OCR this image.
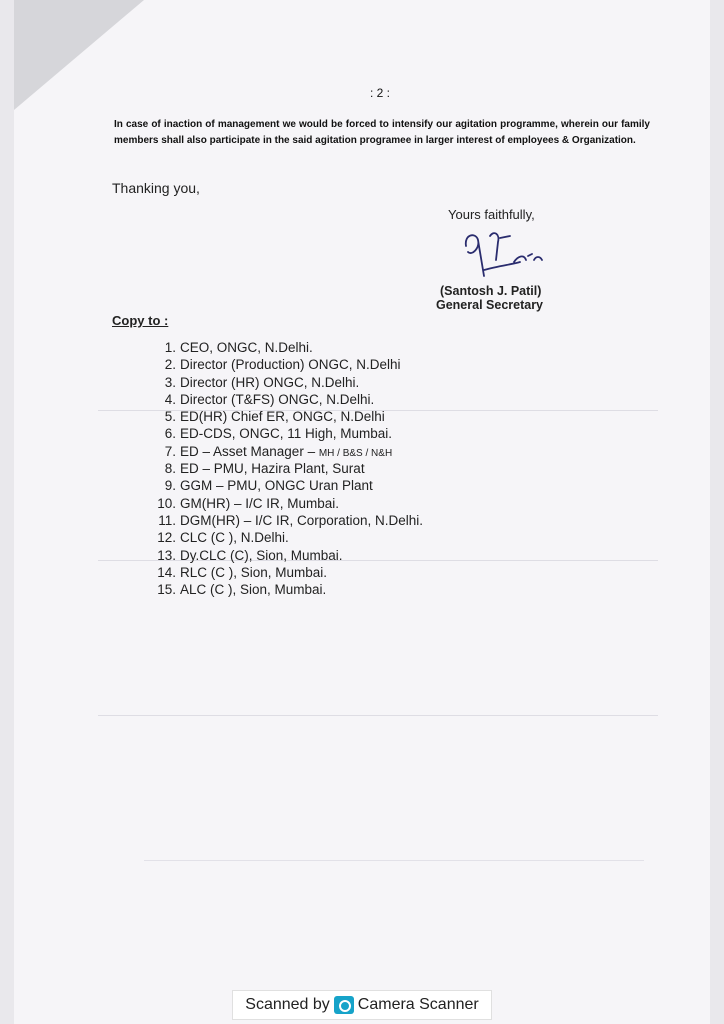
: 2 :
In case of inaction of management we would be forced to intensify our agitation programme, wherein our family members shall also participate in the said agitation programee in larger interest of employees & Organization.
Thanking you,
Yours faithfully,
(Santosh J. Patil)
General Secretary
Copy to :
1. CEO, ONGC, N.Delhi.
2. Director (Production) ONGC, N.Delhi
3. Director (HR) ONGC, N.Delhi.
4. Director (T&FS) ONGC, N.Delhi.
5. ED(HR) Chief ER, ONGC, N.Delhi
6. ED-CDS, ONGC, 11 High, Mumbai.
7. ED – Asset Manager – MH / B&S / N&H
8. ED – PMU, Hazira Plant, Surat
9. GGM – PMU, ONGC Uran Plant
10. GM(HR) – I/C IR, Mumbai.
11. DGM(HR) – I/C IR, Corporation, N.Delhi.
12. CLC (C ), N.Delhi.
13. Dy.CLC (C), Sion, Mumbai.
14. RLC (C ), Sion, Mumbai.
15. ALC (C ), Sion, Mumbai.
Scanned by Camera Scanner
